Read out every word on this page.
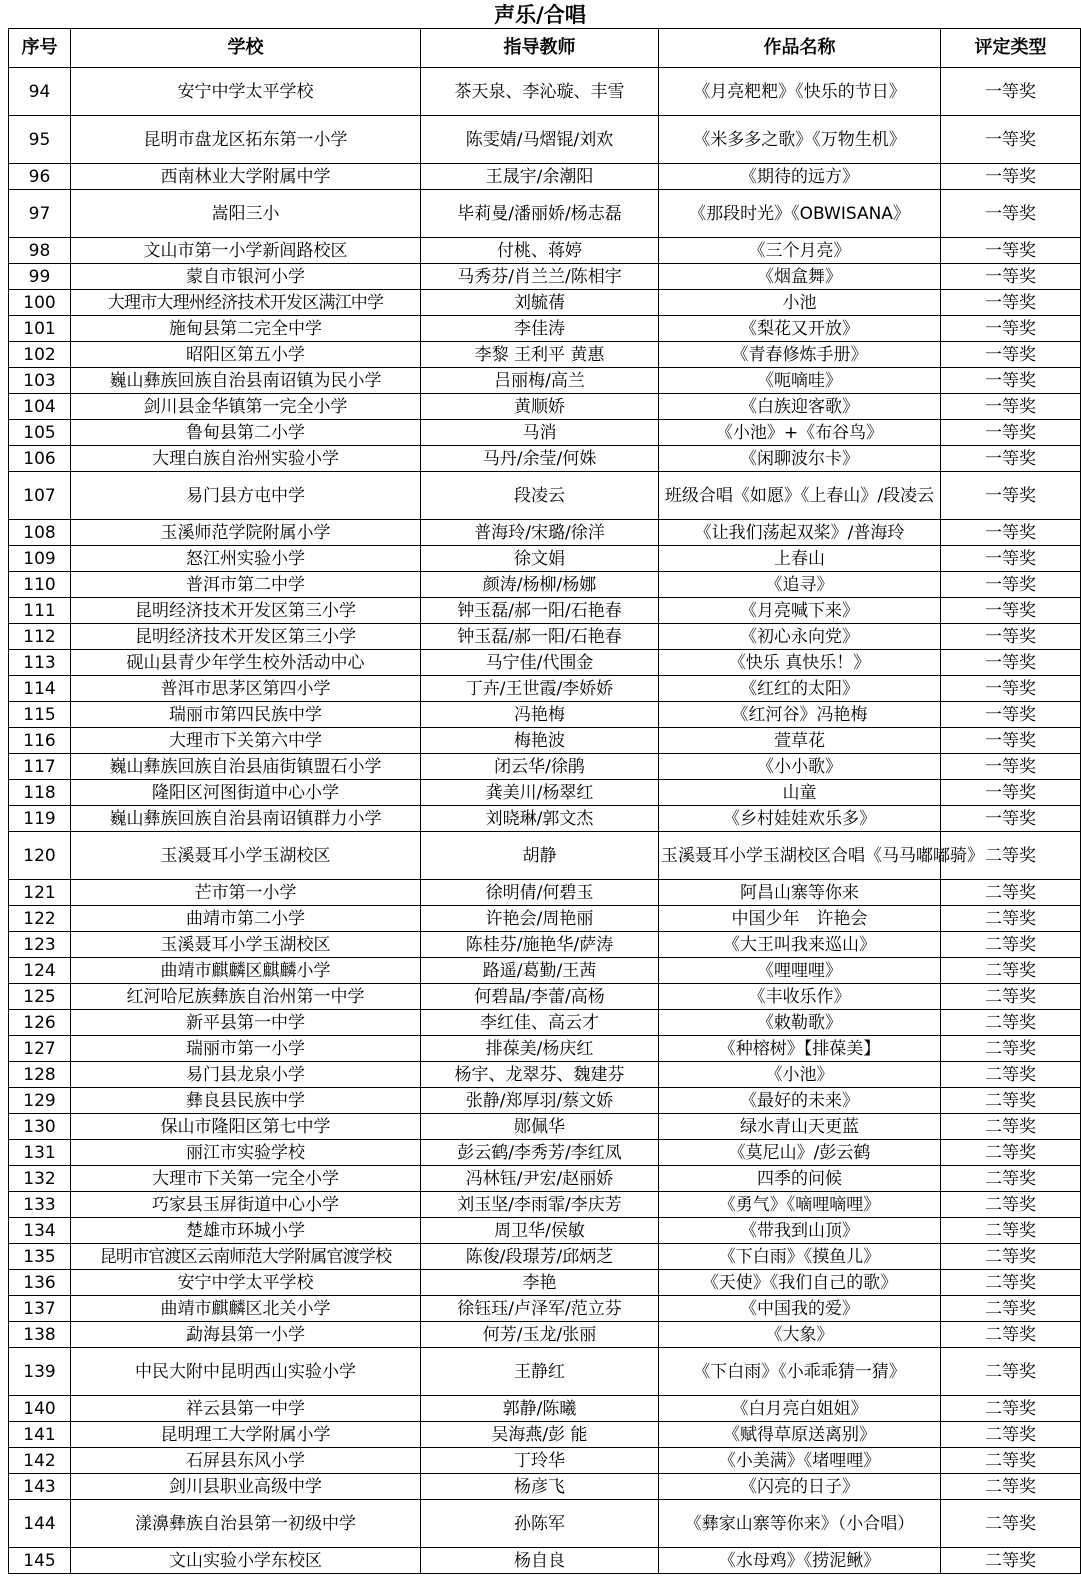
声乐/合唱
序号	学校	指导教师	作品名称	评定类型
94	安宁中学太平学校	茶天泉、李沁璇、丰雪	《月亮粑粑》《快乐的节日》	一等奖
95	昆明市盘龙区拓东第一小学	陈雯婧/马熠锟/刘欢	《米多多之歌》《万物生机》	一等奖
96	西南林业大学附属中学	王晟宇/余潮阳	《期待的远方》	一等奖
97	嵩阳三小	毕莉曼/潘丽娇/杨志磊	《那段时光》《OBWISANA》	一等奖
98	文山市第一小学新闾路校区	付桃、蒋婷	《三个月亮》	一等奖
99	蒙自市银河小学	马秀芬/肖兰兰/陈相宇	《烟盒舞》	一等奖
100	大理市大理州经济技术开发区满江中学	刘毓蒨	小池	一等奖
101	施甸县第二完全中学	李佳涛	《梨花又开放》	一等奖
102	昭阳区第五小学	李黎 王利平 黄惠	《青春修炼手册》	一等奖
103	巍山彝族回族自治县南诏镇为民小学	吕丽梅/高兰	《呃嘀哇》	一等奖
104	剑川县金华镇第一完全小学	黄顺娇	《白族迎客歌》	一等奖
105	鲁甸县第二小学	马消	《小池》+《布谷鸟》	一等奖
106	大理白族自治州实验小学	马丹/余莹/何姝	《闲聊波尔卡》	一等奖
107	易门县方屯中学	段凌云	班级合唱《如愿》《上春山》/段凌云	一等奖
108	玉溪师范学院附属小学	普海玲/宋璐/徐洋	《让我们荡起双桨》/普海玲	一等奖
109	怒江州实验小学	徐文娟	上春山	一等奖
110	普洱市第二中学	颜涛/杨柳/杨娜	《追寻》	一等奖
111	昆明经济技术开发区第三小学	钟玉磊/郝一阳/石艳春	《月亮喊下来》	一等奖
112	昆明经济技术开发区第三小学	钟玉磊/郝一阳/石艳春	《初心永向党》	一等奖
113	砚山县青少年学生校外活动中心	马宁佳/代围金	《快乐 真快乐！》	一等奖
114	普洱市思茅区第四小学	丁卉/王世霞/李娇娇	《红红的太阳》	一等奖
115	瑞丽市第四民族中学	冯艳梅	《红河谷》冯艳梅	一等奖
116	大理市下关第六中学	梅艳波	萱草花	一等奖
117	巍山彝族回族自治县庙街镇盟石小学	闭云华/徐鹃	《小小歌》	一等奖
118	隆阳区河图街道中心小学	龚美川/杨翠红	山童	一等奖
119	巍山彝族回族自治县南诏镇群力小学	刘晓琳/郭文杰	《乡村娃娃欢乐多》	一等奖
120	玉溪聂耳小学玉湖校区	胡静	玉溪聂耳小学玉湖校区合唱《马马嘟嘟骑》	二等奖
121	芒市第一小学	徐明倩/何碧玉	阿昌山寨等你来	二等奖
122	曲靖市第二小学	许艳会/周艳丽	中国少年　许艳会	二等奖
123	玉溪聂耳小学玉湖校区	陈桂芬/施艳华/萨涛	《大王叫我来巡山》	二等奖
124	曲靖市麒麟区麒麟小学	路遥/葛勤/王茜	《哩哩哩》	二等奖
125	红河哈尼族彝族自治州第一中学	何碧晶/李蕾/高杨	《丰收乐作》	二等奖
126	新平县第一中学	李红佳、高云才	《敕勒歌》	二等奖
127	瑞丽市第一小学	排葆美/杨庆红	《种榕树》【排葆美】	二等奖
128	易门县龙泉小学	杨宇、龙翠芬、魏建芬	《小池》	二等奖
129	彝良县民族中学	张静/郑厚羽/蔡文娇	《最好的未来》	二等奖
130	保山市隆阳区第七中学	郧佩华	绿水青山天更蓝	二等奖
131	丽江市实验学校	彭云鹤/李秀芳/李红凤	《莫尼山》/彭云鹤	二等奖
132	大理市下关第一完全小学	冯林钰/尹宏/赵丽娇	四季的问候	二等奖
133	巧家县玉屏街道中心小学	刘玉坚/李雨霏/李庆芳	《勇气》《嘀哩嘀哩》	二等奖
134	楚雄市环城小学	周卫华/侯敏	《带我到山顶》	二等奖
135	昆明市官渡区云南师范大学附属官渡学校	陈俊/段璟芳/邱炳芝	《下白雨》《摸鱼儿》	二等奖
136	安宁中学太平学校	李艳	《天使》《我们自己的歌》	二等奖
137	曲靖市麒麟区北关小学	徐钰珏/卢泽军/范立芬	《中国我的爱》	二等奖
138	勐海县第一小学	何芳/玉龙/张丽	《大象》	二等奖
139	中民大附中昆明西山实验小学	王静红	《下白雨》《小乖乖猜一猜》	二等奖
140	祥云县第一中学	郭静/陈曦	《白月亮白姐姐》	二等奖
141	昆明理工大学附属小学	吴海燕/彭 能	《赋得草原送离别》	二等奖
142	石屏县东风小学	丁玲华	《小美满》《堵哩哩》	二等奖
143	剑川县职业高级中学	杨彦飞	《闪亮的日子》	二等奖
144	漾濞彝族自治县第一初级中学	孙陈军	《彝家山寨等你来》（小合唱）	二等奖
145	文山实验小学东校区	杨自良	《水母鸡》《捞泥鳅》	二等奖
